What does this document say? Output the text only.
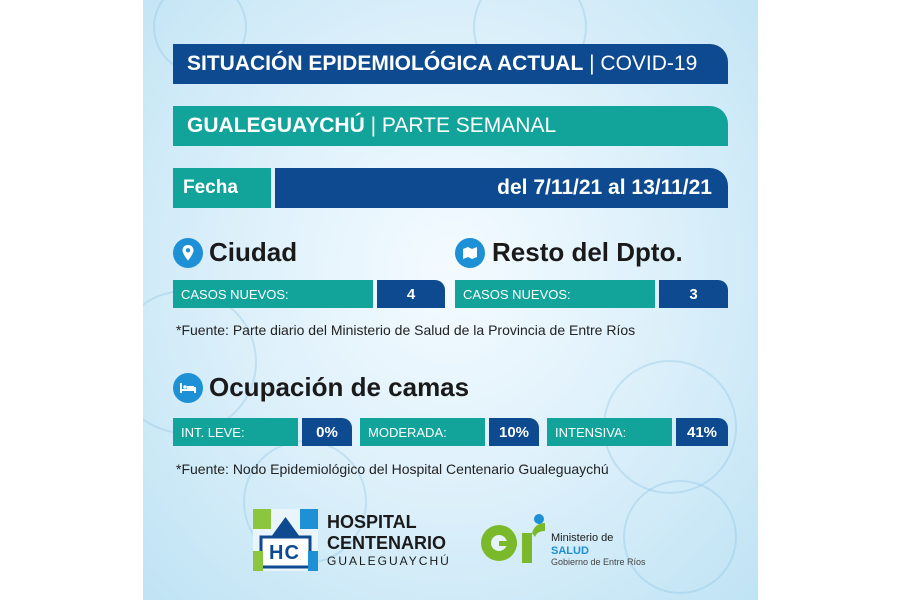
SITUACIÓN EPIDEMIOLÓGICA ACTUAL | COVID-19
GUALEGUAYCHÚ | PARTE SEMANAL
Fecha	del 7/11/21 al 13/11/21
Ciudad
CASOS NUEVOS:	4
Resto del Dpto.
CASOS NUEVOS:	3
*Fuente: Parte diario del Ministerio de Salud de la Provincia de Entre Ríos
Ocupación de camas
INT. LEVE:	0%	MODERADA:	10%	INTENSIVA:	41%
*Fuente: Nodo Epidemiológico del Hospital Centenario Gualeguaychú
HC
HOSPITAL
CENTENARIO
GUALEGUAYCHÚ
Ministerio de
SALUD
Gobierno de Entre Ríos
